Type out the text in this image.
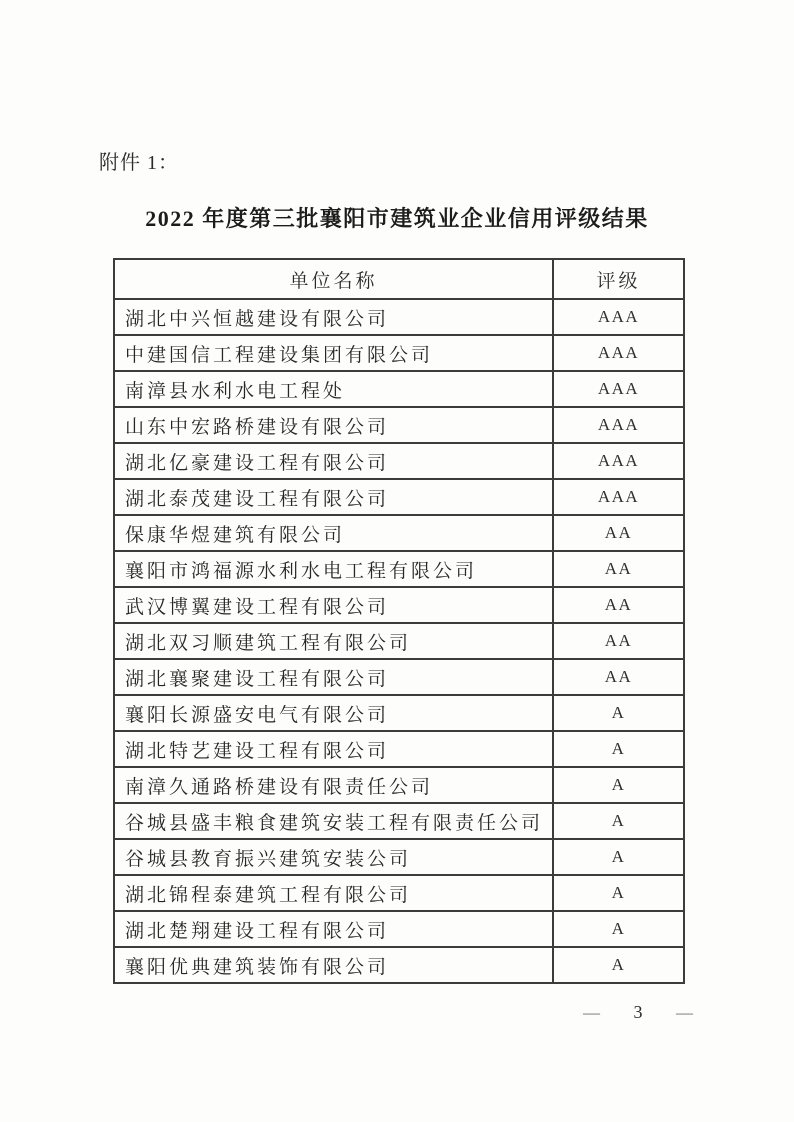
附件 1：
2022 年度第三批襄阳市建筑业企业信用评级结果
单位名称	评级
湖北中兴恒越建设有限公司	AAA
中建国信工程建设集团有限公司	AAA
南漳县水利水电工程处	AAA
山东中宏路桥建设有限公司	AAA
湖北亿豪建设工程有限公司	AAA
湖北泰茂建设工程有限公司	AAA
保康华煜建筑有限公司	AA
襄阳市鸿福源水利水电工程有限公司	AA
武汉博翼建设工程有限公司	AA
湖北双习顺建筑工程有限公司	AA
湖北襄聚建设工程有限公司	AA
襄阳长源盛安电气有限公司	A
湖北特艺建设工程有限公司	A
南漳久通路桥建设有限责任公司	A
谷城县盛丰粮食建筑安装工程有限责任公司	A
谷城县教育振兴建筑安装公司	A
湖北锦程泰建筑工程有限公司	A
湖北楚翔建设工程有限公司	A
襄阳优典建筑装饰有限公司	A
— 3 —
